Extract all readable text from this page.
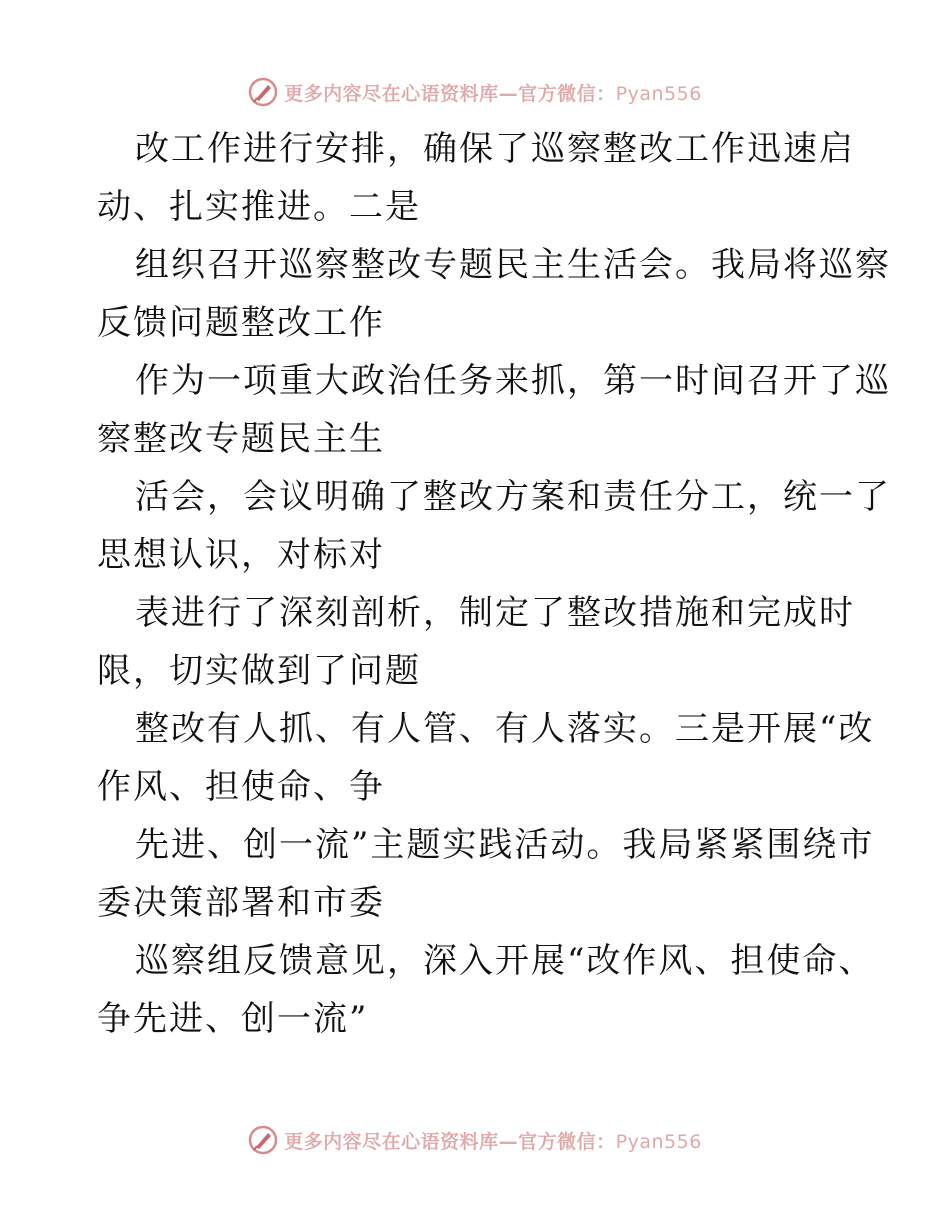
更多内容尽在心语资料库—官方微信：Pyan556
改工作进行安排，确保了巡察整改工作迅速启
动、扎实推进。二是
组织召开巡察整改专题民主生活会。我局将巡察
反馈问题整改工作
作为一项重大政治任务来抓，第一时间召开了巡
察整改专题民主生
活会，会议明确了整改方案和责任分工，统一了
思想认识，对标对
表进行了深刻剖析，制定了整改措施和完成时
限，切实做到了问题
整改有人抓、有人管、有人落实。三是开展“改
作风、担使命、争
先进、创一流”主题实践活动。我局紧紧围绕市
委决策部署和市委
巡察组反馈意见，深入开展“改作风、担使命、
争先进、创一流”
更多内容尽在心语资料库—官方微信：Pyan556
